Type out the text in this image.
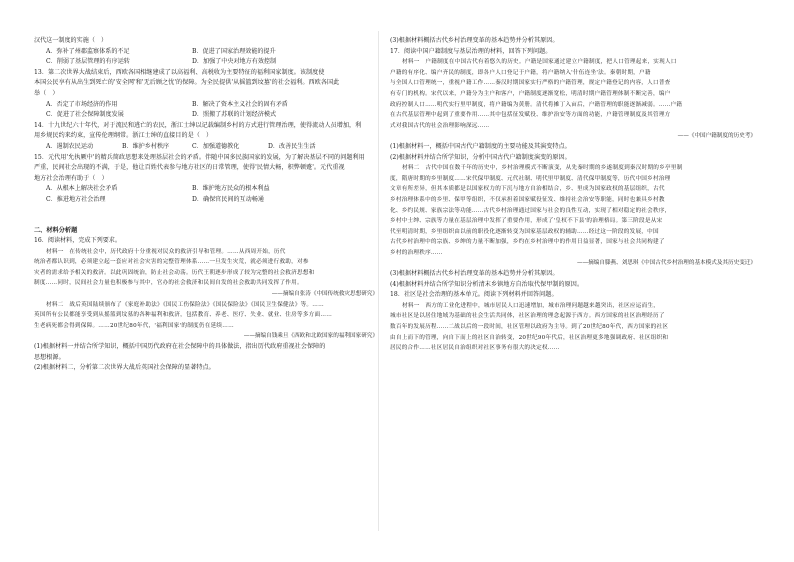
汉代这一制度的实施（　）
A．弥补了州郡监察体系的不足	B．促进了国家治理效能的提升
C．削弱了基层管理的有序运转	D．加强了中央对地方有效控制
13．第二次世界大战结束后，西欧各国相继建成了以高福利、高税收为主要特征的福利国家制度。该制度使
本国公民享有从出生到死亡的'安全网'和'无后顾之忧'的保障。为全民提供'从摇篮到坟墓'的社会福利。西欧各国此
举（　）
A．否定了市场经济的作用	B．解决了资本主义社会的固有矛盾
C．促进了社会保障制度发展	D．照搬了苏联的计划经济模式
14．十九世纪六十年代，对于流民和逃亡的农民，浙江士绅以记载编制乡村的方式进行管理治理，使得流动人员增加，利
用乡规民约来约束，宣传伦理纲常。浙江士绅的直接目的是（　）
A．遏制农民运动	B．维护乡村秩序	C．加强道德教化	D．改善民生生活
15．元代用'允执厥中'的精兵简政思想来处理基层社会的矛盾。伴随中国多民族国家的发展，为了解决基层不同的问题利用
严重，民间社会出现的不满，于是，他让百姓代表参与地方社区的日常管理，使得'民情大畅，积弊顿蹙'。元代重视
地方社会治理有助于（　）
A．从根本上解决社会矛盾	B．维护地方民众的根本利益
C．推进地方社会治理	D．确保官民间的互动畅通
二、材料分析题
16．阅读材料，完成下列要求。
材料一　在传统社会中，历代政府十分重视对民众的救济引导和管理。……从西周开始，历代
统治者都认识到，必须建立起一套应对社会灾害的完整管理体系……一旦发生灾荒，就必须进行救助，对参
灾者的需求给予相关的救济。以此巩固统治，防止社会动荡。历代王朝逐步形成了较为完整的社会救济思想和
制度……同时，民间社会力量也积极参与其中，官办的社会救济和民间自发的社会救助共同发挥了作用。
——摘编自张涛《中国传统救灾思想研究》
材料二　战后英国陆续颁布了《家庭补助法》《国民工伤保险法》《国民保险法》《国民卫生保健法》等。……
英国所有公民都能享受到从摇篮到坟墓的各种福利和救济，包括教育、养老、医疗、失业、就业、住房等多方面……
生老病死都会得到保障。……20世纪80年代，'福利国家'的制度仍在延续……
——摘编自钱乘旦《西欧和北欧国家的福利国家研究》
(1)根据材料一并结合所学知识，概括中国历代政府在社会保障中的具体做法，指出历代政府重视社会保障的
思想根源。
(2)根据材料二，分析第二次世界大战后英国社会保障的显著特点。
(3)根据材料概括古代乡村治理变革的基本趋势并分析其原因。
17．阅读中国户籍制度与基层治理的材料，回答下列问题。
材料一　户籍制度在中国古代有着悠久的历史。户籍是国家通过建立户籍制度，把人口管理起来，实现人口
户籍的有序化、编户齐民的制度，即各户人口登记于户籍，将户籍纳入'什伍连坐'法。秦朝时期，户籍
与全国人口管理统一，重视户籍工作……秦汉时期国家实行严格的户籍管理，规定户籍登记的内容，人口普查
有专门的机构。宋代以来，户籍分为主户和客户，户籍制度逐渐宽松，明清时期户籍管理体制不断完善，编户
政府控制人口……明代实行里甲制度，将户籍编为黄册。清代将摊丁入亩后，户籍管理的职能逐渐减弱。……户籍
在古代基层管理中起到了重要作用……其中包括征发赋役、维护治安等方面的功能，户籍管理制度及其管理方
式对我国古代的社会治理影响深远……
——《中国户籍制度的历史考》
(1)根据材料一，概括中国古代户籍制度的主要功能及其演变特点。
(2)根据材料并结合所学知识，分析中国古代户籍制度演变的原因。
材料二　古代中国在数千年的历史中，乡村治理模式不断演变，从先秦时期的乡遂制度到秦汉时期的乡亭里制
度，隋唐时期的乡里制度……宋代保甲制度、元代社制、明代里甲制度、清代保甲制度等，历代中国乡村治理
文章有所差异，但其本质都是以国家权力的下沉与地方自治相结合，乡、里成为国家政权的基层组织，古代
乡村治理体系中的乡里、保甲等组织，不仅承担着国家赋役征发、维持社会治安等职能，同时也兼具乡村教
化、乡约民规、家族宗法等功能……古代乡村治理通过国家与社会的良性互动，实现了相对稳定的社会秩序，
乡村中士绅、宗族等力量在基层治理中发挥了重要作用，形成了'皇权不下县'的治理格局。第三阶段是从宋
代至明清时期，乡里组织由以前的职役化逐渐转变为国家基层政权的辅助……经过这一阶段的发展，中国
古代乡村治理中的宗族、乡绅的力量不断加强，乡约在乡村治理中的作用日益显著，国家与社会共同构建了
乡村的治理秩序……
——摘编自滕燕、刘思琪《中国古代乡村治理的基本模式及其历史变迁》
(3)根据材料概括古代乡村治理变革的基本趋势并分析其原因。
(4)根据材料并结合所学知识分析清末乡镇地方自治取代保甲制的原因。
18．社区是社会治理的基本单元。阅读下列材料并回答问题。
材料一　西方的工业化进程中，城市居民人口迅速增加，城市治理问题越来越突出，社区应运而生，
城市社区是以居住地域为基础的社会生活共同体，社区治理的理念起源于西方。西方国家的社区治理经历了
数百年的发展历程……二战以后的一段时间，社区管理以政府为主导。到了20世纪80年代，西方国家的社区
由自上而下的管理，向自下而上的社区自治转变，20世纪90年代后，社区治理更多地强调政府、社区组织和
居民的合作……社区居民自治组织对社区事务有很大的决定权……
